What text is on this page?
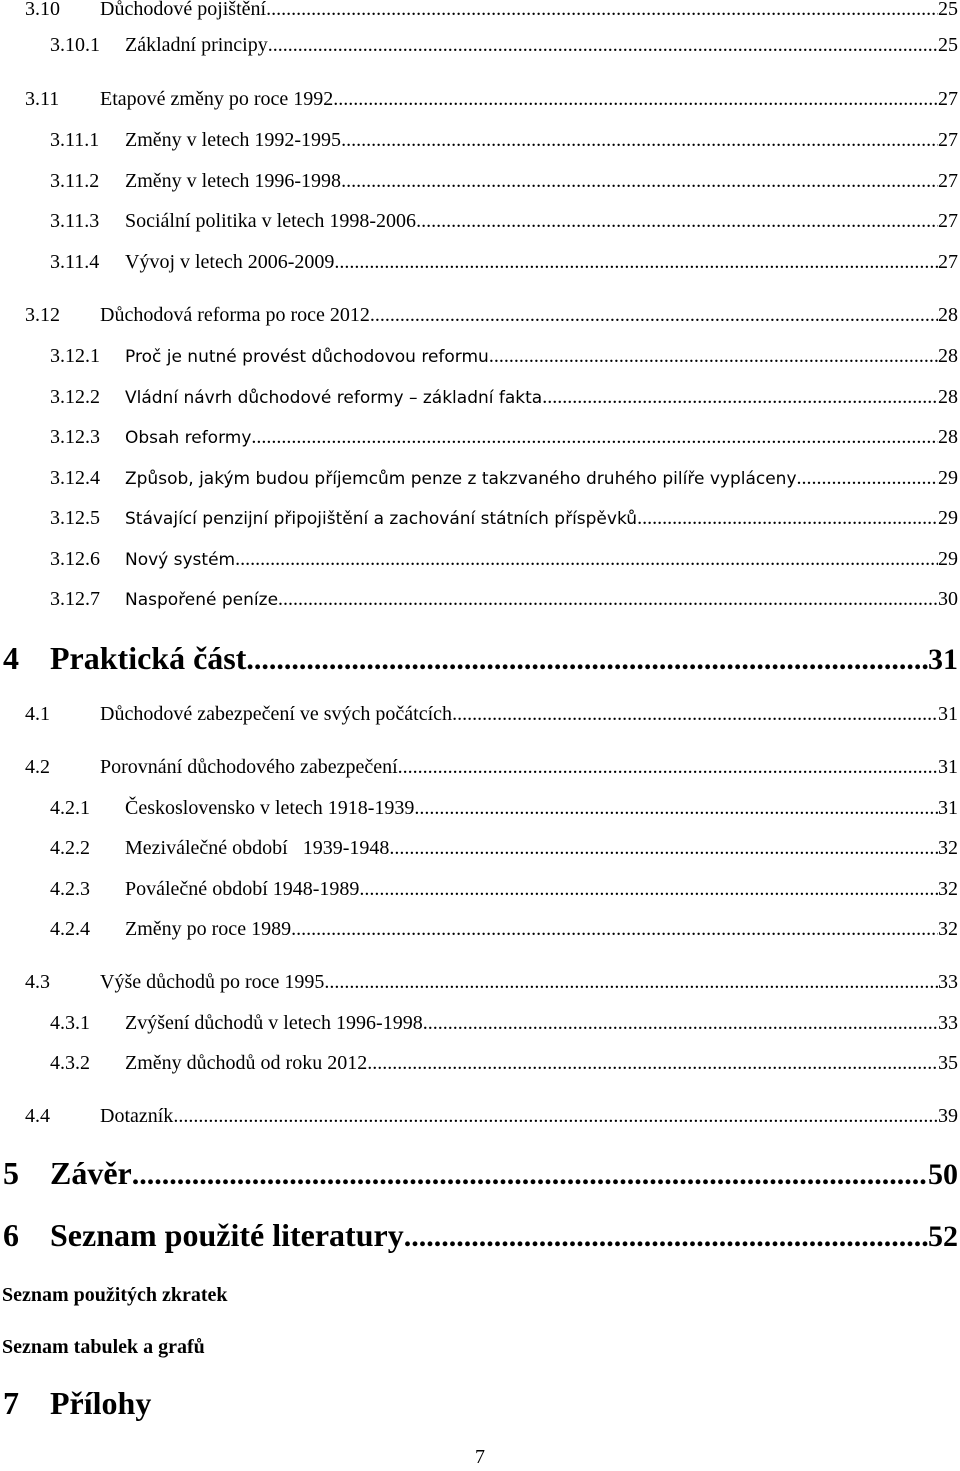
3.10	Důchodové pojištění .....	25
3.10.1	Základní principy .....	25
3.11	Etapové změny po roce 1992 .....	27
3.11.1	Změny v letech 1992-1995 .....	27
3.11.2	Změny v letech 1996-1998 .....	27
3.11.3	Sociální politika v letech 1998-2006 .....	27
3.11.4	Vývoj v letech 2006-2009 .....	27
3.12	Důchodová reforma po roce 2012 .....	28
3.12.1	Proč je nutné provést důchodovou reformu .....	28
3.12.2	Vládní návrh důchodové reformy – základní fakta .....	28
3.12.3	Obsah reformy .....	28
3.12.4	Způsob, jakým budou příjemcům penze z takzvaného druhého pilíře vypláceny .....	29
3.12.5	Stávající penzijní připojištění a zachování státních příspěvků .....	29
3.12.6	Nový systém .....	29
3.12.7	Naspořené peníze .....	30
4 Praktická část .....	31
4.1	Důchodové zabezpečení ve svých počátcích .....	31
4.2	Porovnání důchodového zabezpečení .....	31
4.2.1	Československo v letech 1918-1939 .....	31
4.2.2	Meziválečné období   1939-1948 .....	32
4.2.3	Poválečné období 1948-1989 .....	32
4.2.4	Změny po roce 1989 .....	32
4.3	Výše důchodů po roce 1995 .....	33
4.3.1	Zvýšení důchodů v letech 1996-1998 .....	33
4.3.2	Změny důchodů od roku 2012 .....	35
4.4	Dotazník .....	39
5 Závěr .....	50
6 Seznam použité literatury .....	52
Seznam použitých zkratek
Seznam tabulek a grafů
7 Přílohy
7
